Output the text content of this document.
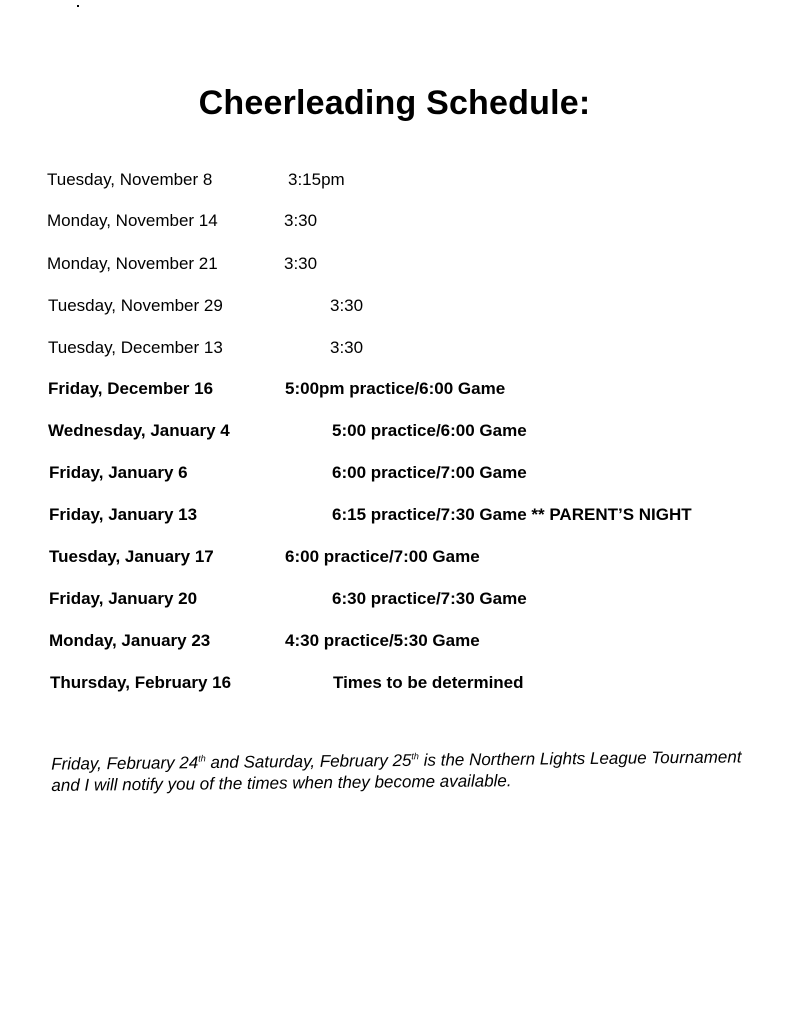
Cheerleading Schedule:
Tuesday, November 8	3:15pm
Monday, November 14	3:30
Monday, November 21	3:30
Tuesday, November 29	3:30
Tuesday, December 13	3:30
Friday, December 16	5:00pm practice/6:00 Game
Wednesday, January 4	5:00 practice/6:00 Game
Friday, January 6	6:00 practice/7:00 Game
Friday, January 13	6:15 practice/7:30 Game ** PARENT’S NIGHT
Tuesday, January 17	6:00 practice/7:00 Game
Friday, January 20	6:30 practice/7:30 Game
Monday, January 23	4:30 practice/5:30 Game
Thursday, February 16	Times to be determined

Friday, February 24th and Saturday, February 25th is the Northern Lights League Tournament and I will notify you of the times when they become available.
